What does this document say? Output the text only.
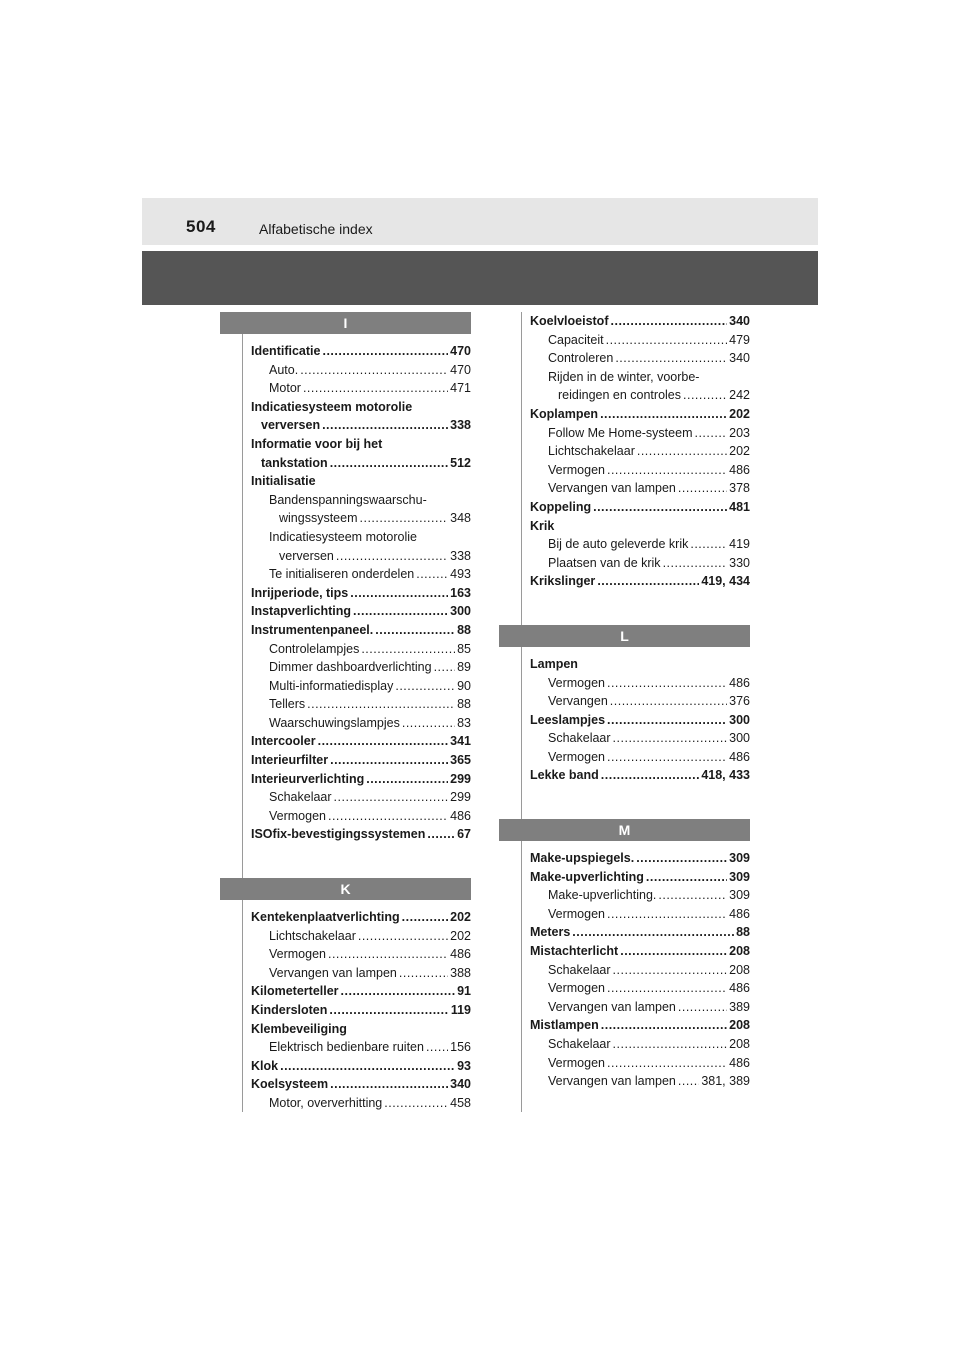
504	Alfabetische index
I
Identificatie .....	470
Auto. .....	470
Motor .....	471
Indicatiesysteem motorolie
verversen .....	338
Informatie voor bij het
tankstation .....	512
Initialisatie
Bandenspanningswaarschu-
wingssysteem .....	348
Indicatiesysteem motorolie
verversen .....	338
Te initialiseren onderdelen .....	493
Inrijperiode, tips .....	163
Instapverlichting .....	300
Instrumentenpaneel. .....	88
Controlelampjes .....	85
Dimmer dashboardverlichting ..... 89
Multi-informatiedisplay .....	90
Tellers .....	88
Waarschuwingslampjes .....	83
Intercooler .....	341
Interieurfilter .....	365
Interieurverlichting .....	299
Schakelaar .....	299
Vermogen .....	486
ISOfix-bevestigingssystemen .....	67
K
Kentekenplaatverlichting .....	202
Lichtschakelaar .....	202
Vermogen .....	486
Vervangen van lampen .....	388
Kilometerteller .....	91
Kindersloten .....	119
Klembeveiliging
Elektrisch bedienbare ruiten ..... 156
Klok .....	93
Koelsysteem .....	340
Motor, oververhitting .....	458
Koelvloeistof .....	340
Capaciteit .....	479
Controleren .....	340
Rijden in de winter, voorbe-
reidingen en controles .....	242
Koplampen .....	202
Follow Me Home-systeem .....	203
Lichtschakelaar .....	202
Vermogen .....	486
Vervangen van lampen .....	378
Koppeling .....	481
Krik
Bij de auto geleverde krik .....	419
Plaatsen van de krik .....	330
Krikslinger .....	419, 434
L
Lampen
Vermogen .....	486
Vervangen .....	376
Leeslampjes .....	300
Schakelaar .....	300
Vermogen .....	486
Lekke band .....	418, 433
M
Make-upspiegels. .....	309
Make-upverlichting .....	309
Make-upverlichting. .....	309
Vermogen .....	486
Meters .....	88
Mistachterlicht .....	208
Schakelaar .....	208
Vermogen .....	486
Vervangen van lampen .....	389
Mistlampen .....	208
Schakelaar .....	208
Vermogen .....	486
Vervangen van lampen ..... 381, 389
